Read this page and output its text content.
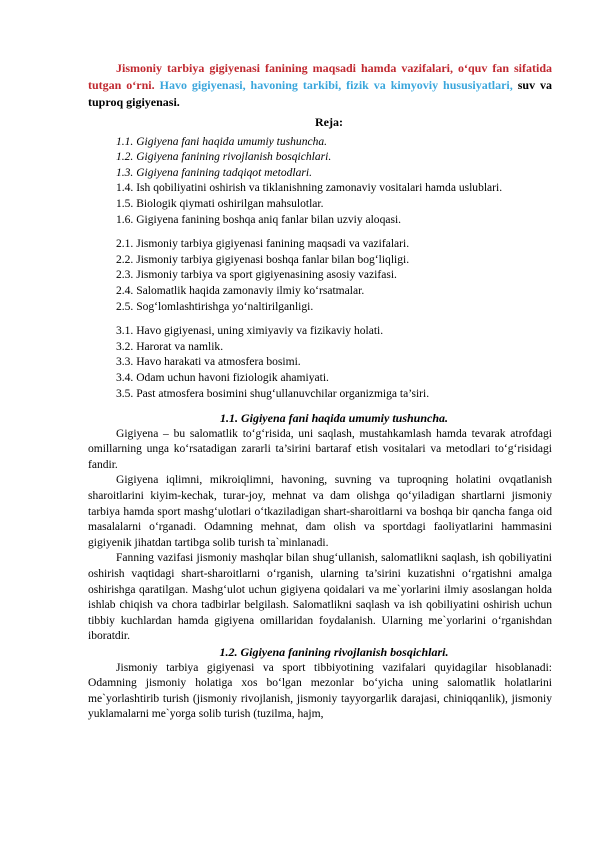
Jismoniy tarbiya gigiyenasi fanining maqsadi hamda vazifalari, o‘quv fan sifatida tutgan o‘rni. Havo gigiyenasi, havoning tarkibi, fizik va kimyoviy hususiyatlari, suv va tuproq gigiyenasi.

Reja:

1.1. Gigiyena fani haqida umumiy tushuncha.

1.2. Gigiyena fanining rivojlanish bosqichlari.

1.3. Gigiyena fanining tadqiqot metodlari.

1.4. Ish qobiliyatini oshirish va tiklanishning zamonaviy vositalari hamda uslublari.

1.5. Biologik qiymati oshirilgan mahsulotlar.

1.6. Gigiyena fanining boshqa aniq fanlar bilan uzviy aloqasi.

2.1. Jismoniy tarbiya gigiyenasi fanining maqsadi va vazifalari.

2.2. Jismoniy tarbiya gigiyenasi boshqa fanlar bilan bog‘liqligi.

2.3. Jismoniy tarbiya va sport gigiyenasining asosiy vazifasi.

2.4. Salomatlik haqida zamonaviy ilmiy ko‘rsatmalar.

2.5. Sog‘lomlashtirishga yo‘naltirilganligi.

3.1. Havo gigiyenasi, uning ximiyaviy va fizikaviy holati.

3.2. Harorat va namlik.

3.3. Havo harakati va atmosfera bosimi.

3.4. Odam uchun havoni fiziologik ahamiyati.

3.5. Past atmosfera bosimini shug‘ullanuvchilar organizmiga ta’siri.

1.1. Gigiyena fani haqida umumiy tushuncha.

Gigiyena – bu salomatlik to‘g‘risida, uni saqlash, mustahkamlash hamda tevarak atrofdagi omillarning unga ko‘rsatadigan zararli ta’sirini bartaraf etish vositalari va metodlari to‘g‘risidagi fandir.

Gigiyena iqlimni, mikroiqlimni, havoning, suvning va tuproqning holatini ovqatlanish sharoitlarini kiyim-kechak, turar-joy, mehnat va dam olishga qo‘yiladigan shartlarni jismoniy tarbiya hamda sport mashg‘ulotlari o‘tkaziladigan shart-sharoitlarni va boshqa bir qancha fanga oid masalalarni o‘rganadi. Odamning mehnat, dam olish va sportdagi faoliyatlarini hammasini gigiyenik jihatdan tartibga solib turish ta`minlanadi.

Fanning vazifasi jismoniy mashqlar bilan shug‘ullanish, salomatlikni saqlash, ish qobiliyatini oshirish vaqtidagi shart-sharoitlarni o‘rganish, ularning ta’sirini kuzatishni o‘rgatishni amalga oshirishga qaratilgan. Mashg‘ulot uchun gigiyena qoidalari va me`yorlarini ilmiy asoslangan holda ishlab chiqish va chora tadbirlar belgilash. Salomatlikni saqlash va ish qobiliyatini oshirish uchun tibbiy kuchlardan hamda gigiyena omillaridan foydalanish. Ularning me`yorlarini o‘rganishdan iboratdir.

1.2. Gigiyena fanining rivojlanish bosqichlari.

Jismoniy tarbiya gigiyenasi va sport tibbiyotining vazifalari quyidagilar hisoblanadi: Odamning jismoniy holatiga xos bo‘lgan mezonlar bo‘yicha uning salomatlik holatlarini me`yorlashtirib turish (jismoniy rivojlanish, jismoniy tayyorgarlik darajasi, chiniqqanlik), jismoniy yuklamalarni me`yorga solib turish (tuzilma, hajm,
